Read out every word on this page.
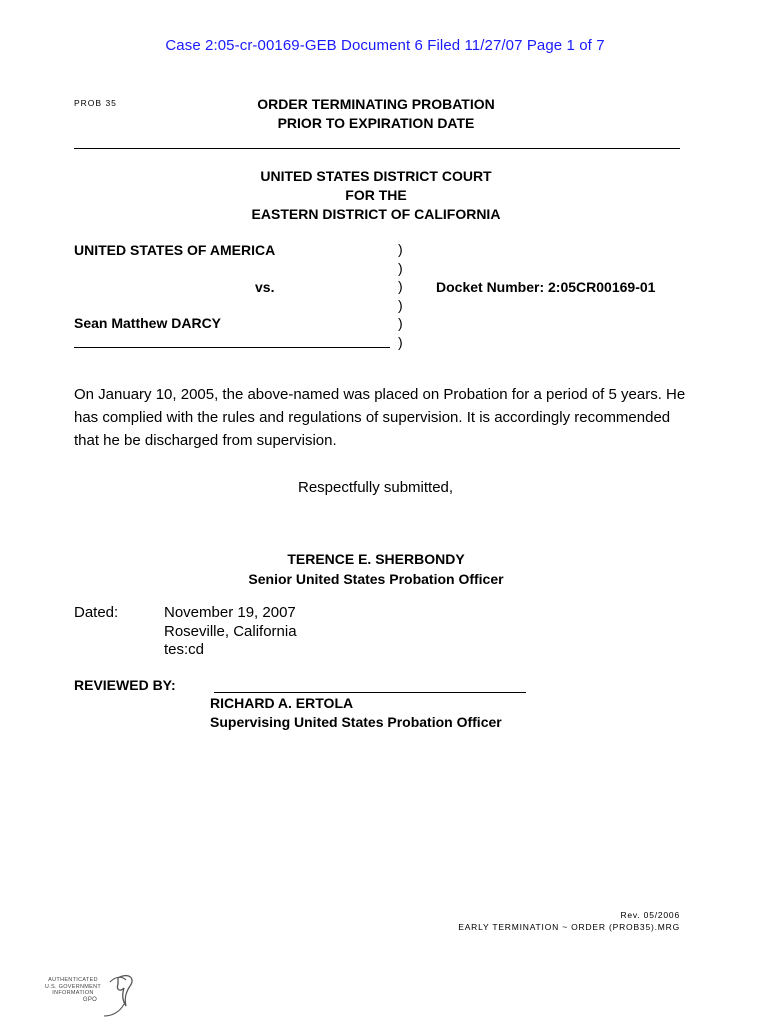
Case 2:05-cr-00169-GEB Document 6 Filed 11/27/07 Page 1 of 7
PROB 35	ORDER TERMINATING PROBATION
PRIOR TO EXPIRATION DATE
UNITED STATES DISTRICT COURT
FOR THE
EASTERN DISTRICT OF CALIFORNIA
UNITED STATES OF AMERICA
vs.
Sean Matthew DARCY
)
)
)
)
)
)
Docket Number: 2:05CR00169-01
On January 10, 2005, the above-named was placed on Probation for a period of 5 years. He
has complied with the rules and regulations of supervision. It is accordingly recommended
that he be discharged from supervision.
Respectfully submitted,
TERENCE E. SHERBONDY
Senior United States Probation Officer
Dated:	November 19, 2007
Roseville, California
tes:cd
REVIEWED BY:
RICHARD A. ERTOLA
Supervising United States Probation Officer
Rev. 05/2006
EARLY TERMINATION ~ ORDER (PROB35).MRG
AUTHENTICATED
U.S. GOVERNMENT
INFORMATION
GPO
